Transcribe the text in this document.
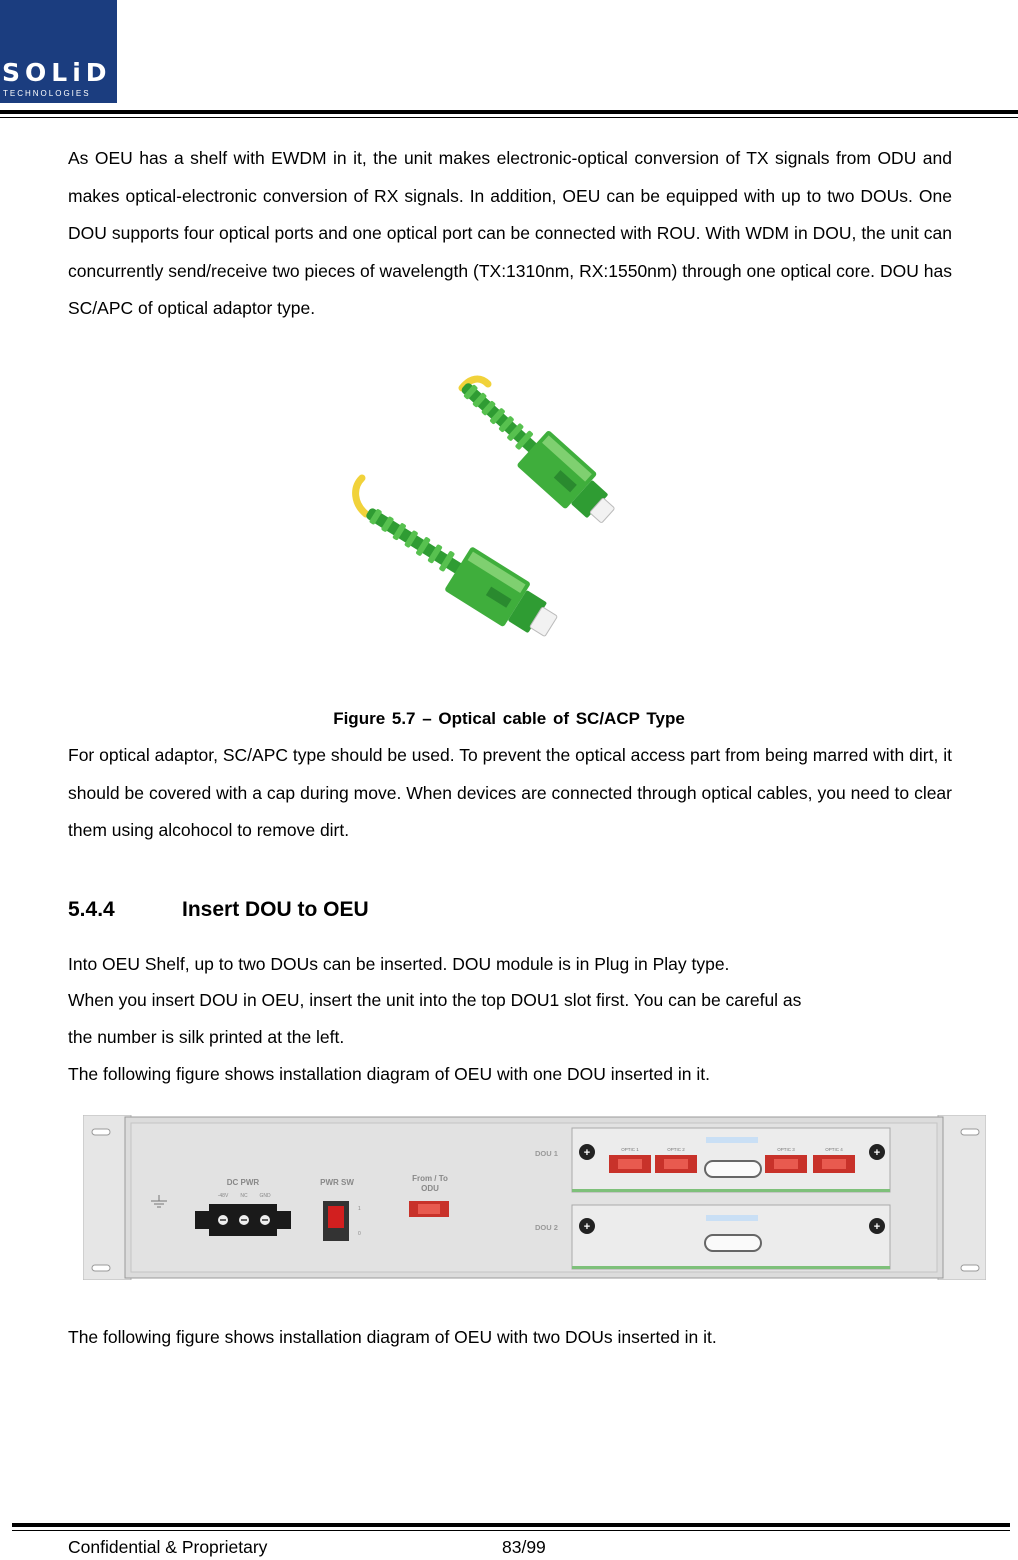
SOLiD
TECHNOLOGIES
As OEU has a shelf with EWDM in it, the unit makes electronic-optical conversion of TX signals from ODU and makes optical-electronic conversion of RX signals. In addition, OEU can be equipped with up to two DOUs. One DOU supports four optical ports and one optical port can be connected with ROU. With WDM in DOU, the unit can concurrently send/receive two pieces of wavelength (TX:1310nm, RX:1550nm) through one optical core. DOU has SC/APC of optical adaptor type.
Figure 5.7 – Optical cable of SC/ACP Type
For optical adaptor, SC/APC type should be used. To prevent the optical access part from being marred with dirt, it should be covered with a cap during move. When devices are connected through optical cables, you need to clear them using alcohocol to remove dirt.
5.4.4	Insert DOU to OEU
Into OEU Shelf, up to two DOUs can be inserted. DOU module is in Plug in Play type.
When you insert DOU in OEU, insert the unit into the top DOU1 slot first. You can be careful as
the number is silk printed at the left.
The following figure shows installation diagram of OEU with one DOU inserted in it.
DC PWR
-48V NC GND
PWR SW
1
0
From / To
ODU
DOU 1
DOU 2
+	+
OPTIC 1	OPTIC 2	OPTIC 3	OPTIC 4
+	+
The following figure shows installation diagram of OEU with two DOUs inserted in it.
Confidential & Proprietary	83/99
